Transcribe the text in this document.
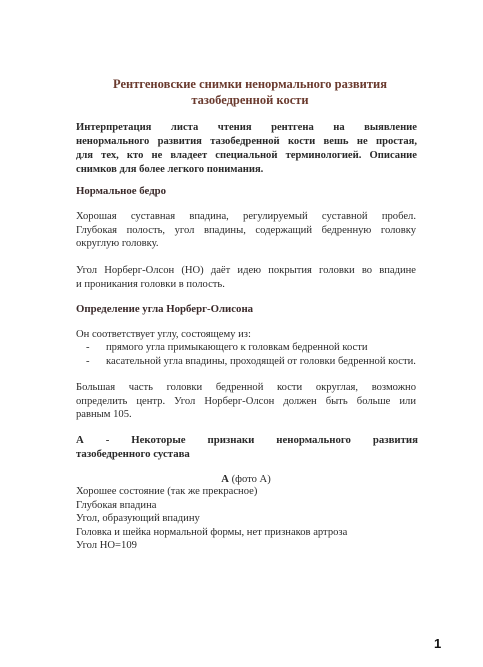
Рентгеновские снимки ненормального развития
тазобедренной кости
Интерпретация листа чтения рентгена на выявление
ненормального развития тазобедренной кости вешь не простая,
для тех, кто не владеет специальной терминологией. Описание
снимков для более легкого понимания.
Нормальное бедро
Хорошая суставная впадина, регулируемый суставной пробел.
Глубокая полость, угол впадины, содержащий бедренную головку
округлую головку.
Угол Норберг-Олсон (НО) даёт идею покрытия головки во впадине
и проникания головки в полость.
Определение угла Норберг-Олисона
Он соответствует углу, состоящему из:
- прямого угла примыкающего к головкам бедренной кости
- касательной угла впадины, проходящей от головки бедренной кости.
Большая часть головки бедренной кости округлая, возможно
определить центр. Угол Норберг-Олсон должен быть больше или
равным 105.
А - Некоторые признаки ненормального развития
тазобедренного сустава
А (фото А)
Хорошее состояние (так же прекрасное)
Глубокая впадина
Угол, образующий впадину
Головка и шейка нормальной формы, нет признаков артроза
Угол НО=109
1
